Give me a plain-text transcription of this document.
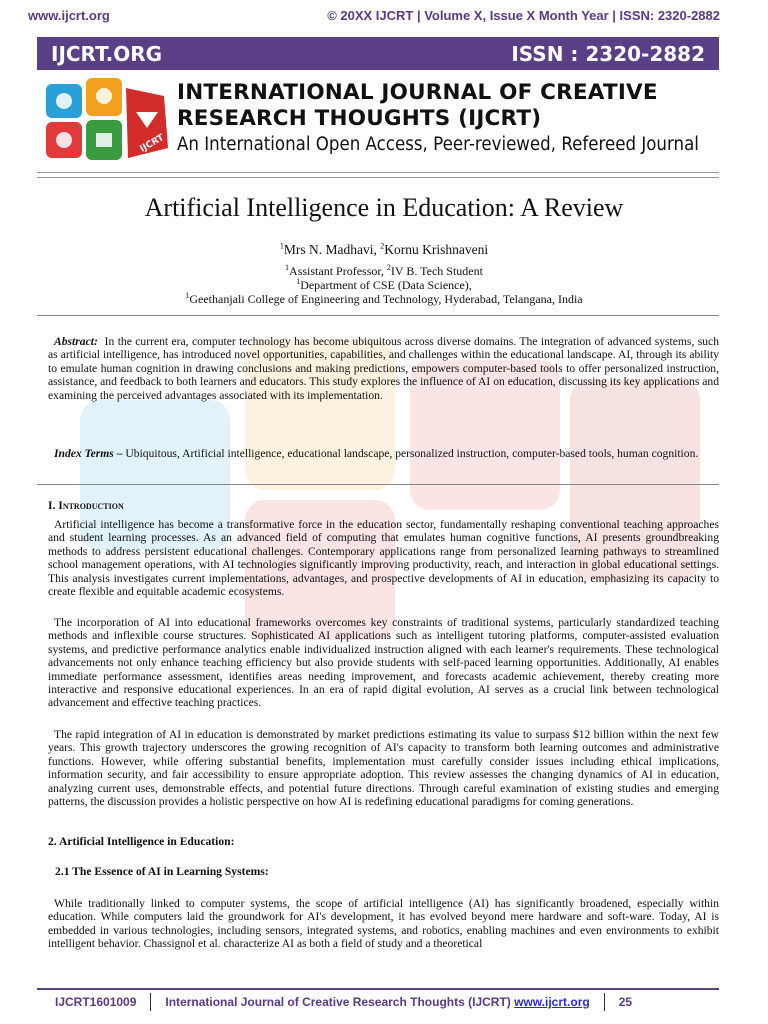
www.ijcrt.org	© 20XX IJCRT | Volume X, Issue X Month Year | ISSN: 2320-2882
IJCRT.ORG	ISSN : 2320-2882
IJCRT
INTERNATIONAL JOURNAL OF CREATIVE
RESEARCH THOUGHTS (IJCRT)
An International Open Access, Peer-reviewed, Refereed Journal
Artificial Intelligence in Education: A Review
$^1$Mrs N. Madhavi, $^2$Kornu Krishnaveni
$^1$Assistant Professor, $^2$IV B. Tech Student
$^1$Department of CSE (Data Science),
$^1$Geethanjali College of Engineering and Technology, Hyderabad, Telangana, India
Abstract: In the current era, computer technology has become ubiquitous across diverse domains. The integration of advanced systems, such as artificial intelligence, has introduced novel opportunities, capabilities, and challenges within the educational landscape. AI, through its ability to emulate human cognition in drawing conclusions and making predictions, empowers computer-based tools to offer personalized instruction, assistance, and feedback to both learners and educators. This study explores the influence of AI on education, discussing its key applications and examining the perceived advantages associated with its implementation.
Index Terms – Ubiquitous, Artificial intelligence, educational landscape, personalized instruction, computer-based tools, human cognition.
I. Introduction
Artificial intelligence has become a transformative force in the education sector, fundamentally reshaping conventional teaching approaches and student learning processes. As an advanced field of computing that emulates human cognitive functions, AI presents groundbreaking methods to address persistent educational challenges. Contemporary applications range from personalized learning pathways to streamlined school management operations, with AI technologies significantly improving productivity, reach, and interaction in global educational settings. This analysis investigates current implementations, advantages, and prospective developments of AI in education, emphasizing its capacity to create flexible and equitable academic ecosystems.
The incorporation of AI into educational frameworks overcomes key constraints of traditional systems, particularly standardized teaching methods and inflexible course structures. Sophisticated AI applications such as intelligent tutoring platforms, computer-assisted evaluation systems, and predictive performance analytics enable individualized instruction aligned with each learner's requirements. These technological advancements not only enhance teaching efficiency but also provide students with self-paced learning opportunities. Additionally, AI enables immediate performance assessment, identifies areas needing improvement, and forecasts academic achievement, thereby creating more interactive and responsive educational experiences. In an era of rapid digital evolution, AI serves as a crucial link between technological advancement and effective teaching practices.
The rapid integration of AI in education is demonstrated by market predictions estimating its value to surpass $12 billion within the next few years. This growth trajectory underscores the growing recognition of AI's capacity to transform both learning outcomes and administrative functions. However, while offering substantial benefits, implementation must carefully consider issues including ethical implications, information security, and fair accessibility to ensure appropriate adoption. This review assesses the changing dynamics of AI in education, analyzing current uses, demonstrable effects, and potential future directions. Through careful examination of existing studies and emerging patterns, the discussion provides a holistic perspective on how AI is redefining educational paradigms for coming generations.
2. Artificial Intelligence in Education:
2.1 The Essence of AI in Learning Systems:
While traditionally linked to computer systems, the scope of artificial intelligence (AI) has significantly broadened, especially within education. While computers laid the groundwork for AI's development, it has evolved beyond mere hardware and soft-ware. Today, AI is embedded in various technologies, including sensors, integrated systems, and robotics, enabling machines and even environments to exhibit intelligent behavior. Chassignol et al. characterize AI as both a field of study and a theoretical
IJCRT1601009 International Journal of Creative Research Thoughts (IJCRT)
www.ijcrt.org 25
